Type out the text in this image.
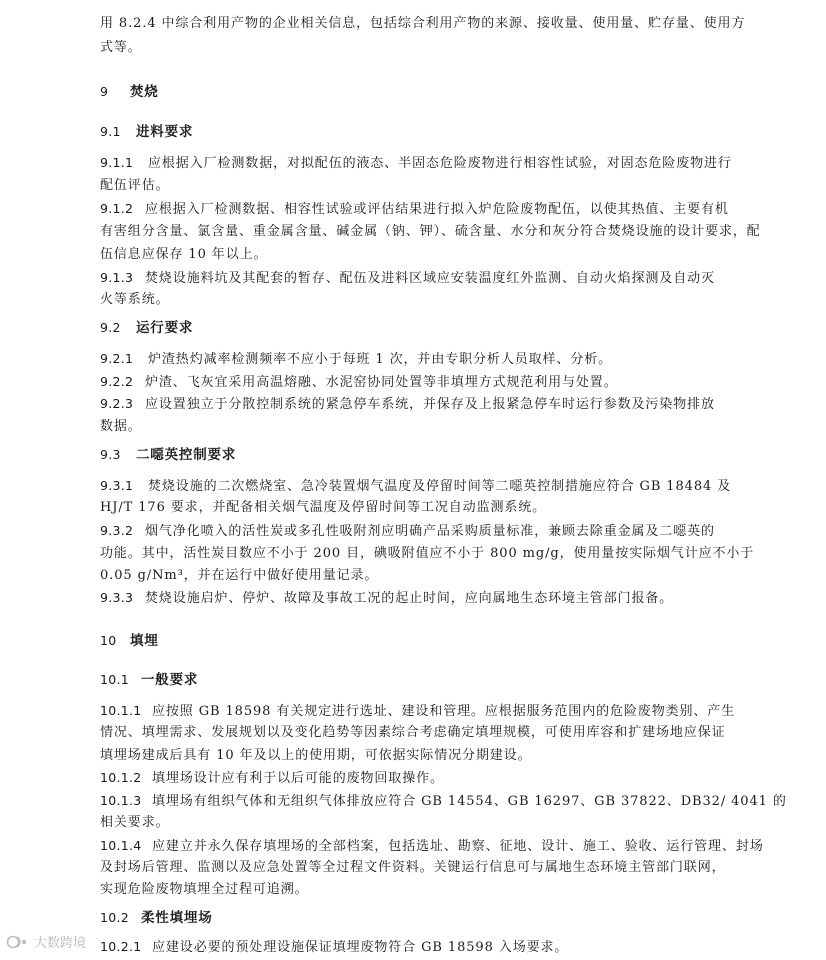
用 8.2.4 中综合利用产物的企业相关信息，包括综合利用产物的来源、接收量、使用量、贮存量、使用方
式等。
9 焚烧
9.1 进料要求
9.1.1 应根据入厂检测数据，对拟配伍的液态、半固态危险废物进行相容性试验，对固态危险废物进行
配伍评估。
9.1.2 应根据入厂检测数据、相容性试验或评估结果进行拟入炉危险废物配伍，以使其热值、主要有机
有害组分含量、氯含量、重金属含量、碱金属（钠、钾）、硫含量、水分和灰分符合焚烧设施的设计要求，配
伍信息应保存 10 年以上。
9.1.3 焚烧设施料坑及其配套的暂存、配伍及进料区域应安装温度红外监测、自动火焰探测及自动灭
火等系统。
9.2 运行要求
9.2.1 炉渣热灼减率检测频率不应小于每班 1 次，并由专职分析人员取样、分析。
9.2.2 炉渣、飞灰宜采用高温熔融、水泥窑协同处置等非填埋方式规范利用与处置。
9.2.3 应设置独立于分散控制系统的紧急停车系统，并保存及上报紧急停车时运行参数及污染物排放
数据。
9.3 二噁英控制要求
9.3.1 焚烧设施的二次燃烧室、急冷装置烟气温度及停留时间等二噁英控制措施应符合 GB 18484 及
HJ/T 176 要求，并配备相关烟气温度及停留时间等工况自动监测系统。
9.3.2 烟气净化喷入的活性炭或多孔性吸附剂应明确产品采购质量标准，兼顾去除重金属及二噁英的
功能。其中，活性炭目数应不小于 200 目，碘吸附值应不小于 800 mg/g，使用量按实际烟气计应不小于
0.05 g/Nm³，并在运行中做好使用量记录。
9.3.3 焚烧设施启炉、停炉、故障及事故工况的起止时间，应向属地生态环境主管部门报备。
10 填埋
10.1 一般要求
10.1.1 应按照 GB 18598 有关规定进行选址、建设和管理。应根据服务范围内的危险废物类别、产生
情况、填埋需求、发展规划以及变化趋势等因素综合考虑确定填埋规模，可使用库容和扩建场地应保证
填埋场建成后具有 10 年及以上的使用期，可依据实际情况分期建设。
10.1.2 填埋场设计应有利于以后可能的废物回取操作。
10.1.3 填埋场有组织气体和无组织气体排放应符合 GB 14554、GB 16297、GB 37822、DB32/ 4041 的
相关要求。
10.1.4 应建立并永久保存填埋场的全部档案，包括选址、勘察、征地、设计、施工、验收、运行管理、封场
及封场后管理、监测以及应急处置等全过程文件资料。关键运行信息可与属地生态环境主管部门联网，
实现危险废物填埋全过程可追溯。
10.2 柔性填埋场
10.2.1 应建设必要的预处理设施保证填埋废物符合 GB 18598 入场要求。
大数跨境
